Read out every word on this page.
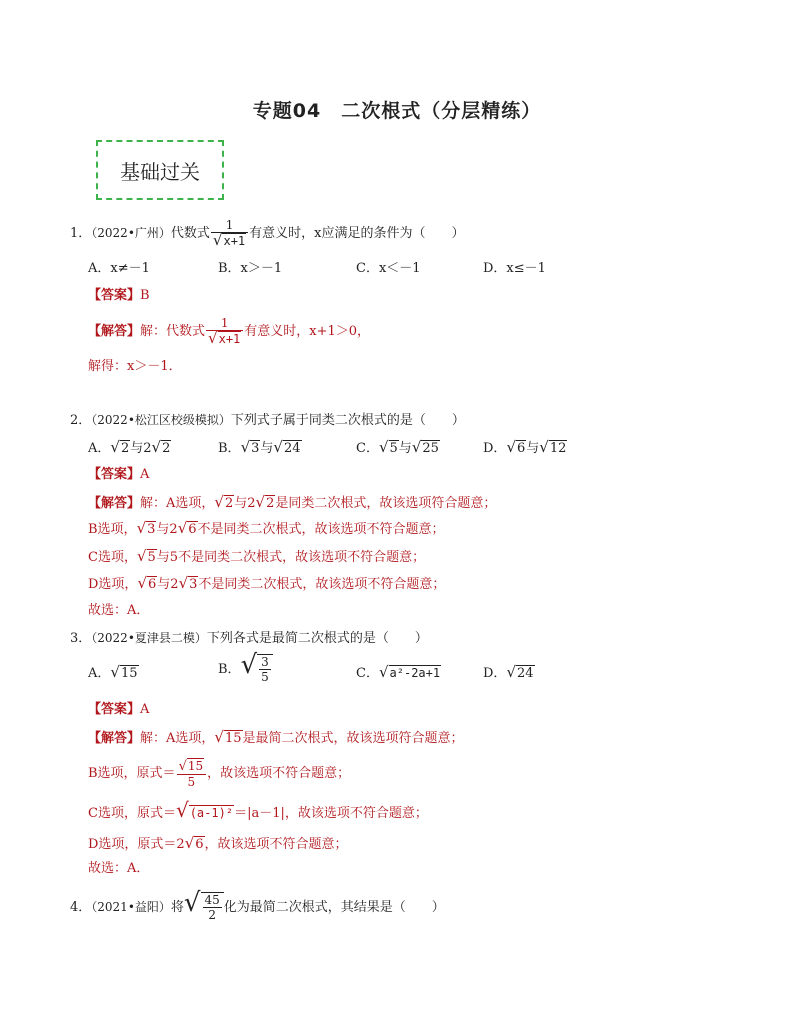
专题04　二次根式（分层精练）
基础过关
1．（2022•广州）代数式 $\frac{1}{√x+1}$ 有意义时，x应满足的条件为（　　）
A．x≠－1	B．x＞－1	C．x＜－1	D．x≤－1
【答案】B
【解答】解：代数式 $\frac{1}{√x+1}$ 有意义时，x+1＞0，
解得：x＞－1．
2．（2022•松江区校级模拟）下列式子属于同类二次根式的是（　　）
A．√2与2√2	B．√3与√24	C．√5与√25	D．√6与√12
【答案】A
【解答】解：A选项，√2与2√2是同类二次根式，故该选项符合题意；
B选项，√3与2√6不是同类二次根式，故该选项不符合题意；
C选项，√5与5不是同类二次根式，故该选项不符合题意；
D选项，√6与2√3不是同类二次根式，故该选项不符合题意；
故选：A．
3．（2022•夏津县二模）下列各式是最简二次根式的是（　　）
A．√15	B．√ $\frac{3}{5}$	C．√a²-2a+1	D．√24
【答案】A
【解答】解：A选项，√15是最简二次根式，故该选项符合题意；
B选项，原式＝ $\frac{√15}{5}$ ，故该选项不符合题意；
C选项，原式＝√(a-1)²＝|a－1|，故该选项不符合题意；
D选项，原式＝2√6，故该选项不符合题意；
故选：A．
4．（2021•益阳）将√ $\frac{45}{2}$ 化为最简二次根式，其结果是（　　）
